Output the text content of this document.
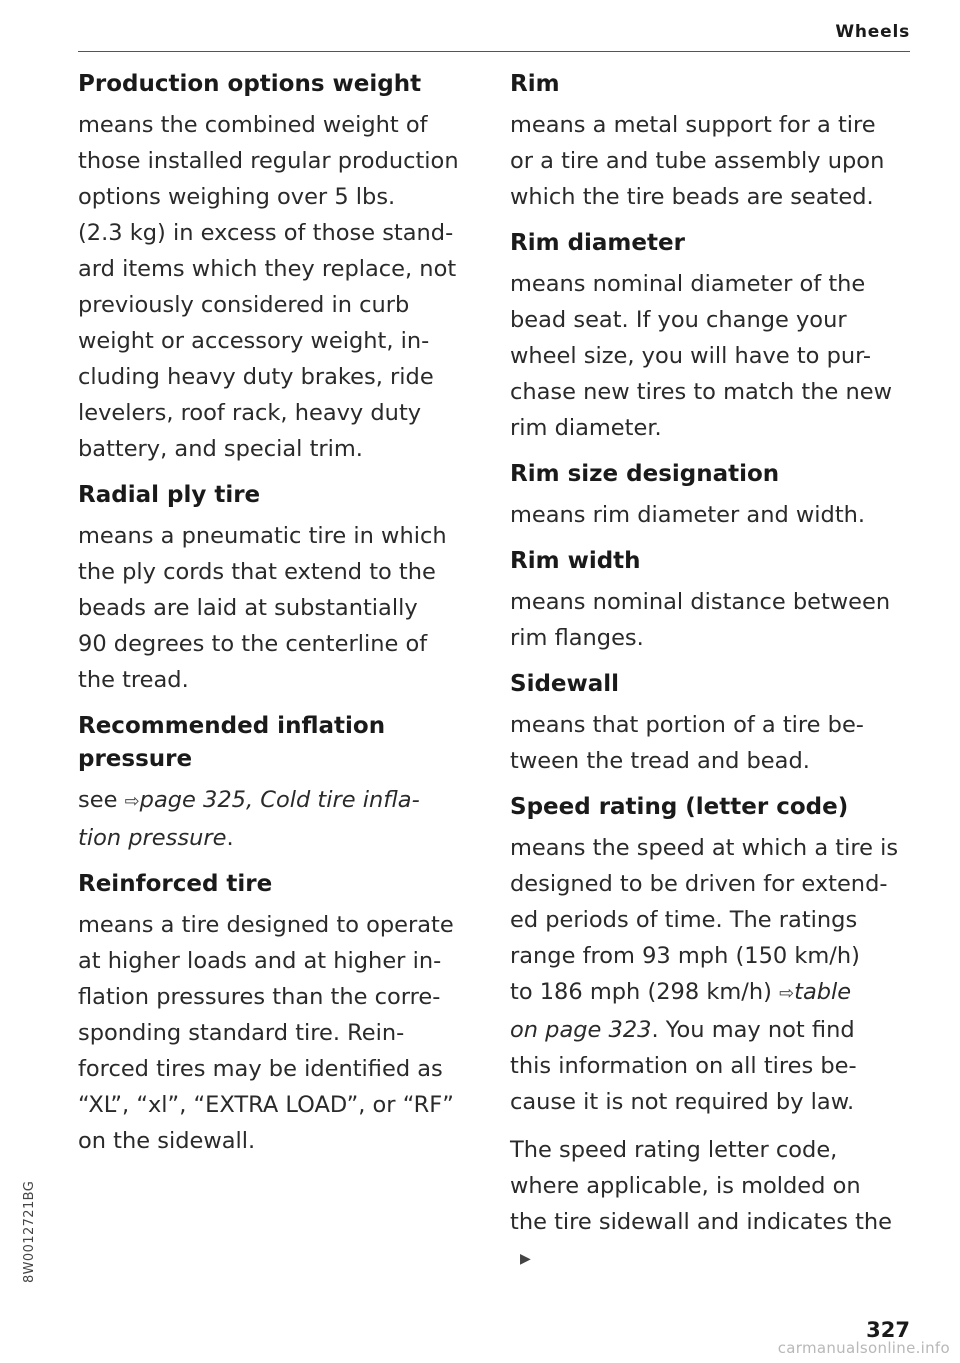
Wheels
8W0012721BG
Production options weight

means the combined weight of
those installed regular production
options weighing over 5 lbs.
(2.3 kg) in excess of those stand-
ard items which they replace, not
previously considered in curb
weight or accessory weight, in-
cluding heavy duty brakes, ride
levelers, roof rack, heavy duty
battery, and special trim.

Radial ply tire

means a pneumatic tire in which
the ply cords that extend to the
beads are laid at substantially
90 degrees to the centerline of
the tread.

Recommended inflation
pressure

see ⇨page 325, Cold tire infla-
tion pressure.

Reinforced tire

means a tire designed to operate
at higher loads and at higher in-
flation pressures than the corre-
sponding standard tire. Rein-
forced tires may be identified as
“XL”, “xl”, “EXTRA LOAD”, or “RF”
on the sidewall.

Rim

means a metal support for a tire
or a tire and tube assembly upon
which the tire beads are seated.

Rim diameter

means nominal diameter of the
bead seat. If you change your
wheel size, you will have to pur-
chase new tires to match the new
rim diameter.

Rim size designation

means rim diameter and width.

Rim width

means nominal distance between
rim flanges.

Sidewall

means that portion of a tire be-
tween the tread and bead.

Speed rating (letter code)

means the speed at which a tire is
designed to be driven for extend-
ed periods of time. The ratings
range from 93 mph (150 km/h)
to 186 mph (298 km/h) ⇨table
on page 323. You may not find
this information on all tires be-
cause it is not required by law.

The speed rating letter code,
where applicable, is molded on
the tire sidewall and indicates the▶

327
carmanualsonline.info
